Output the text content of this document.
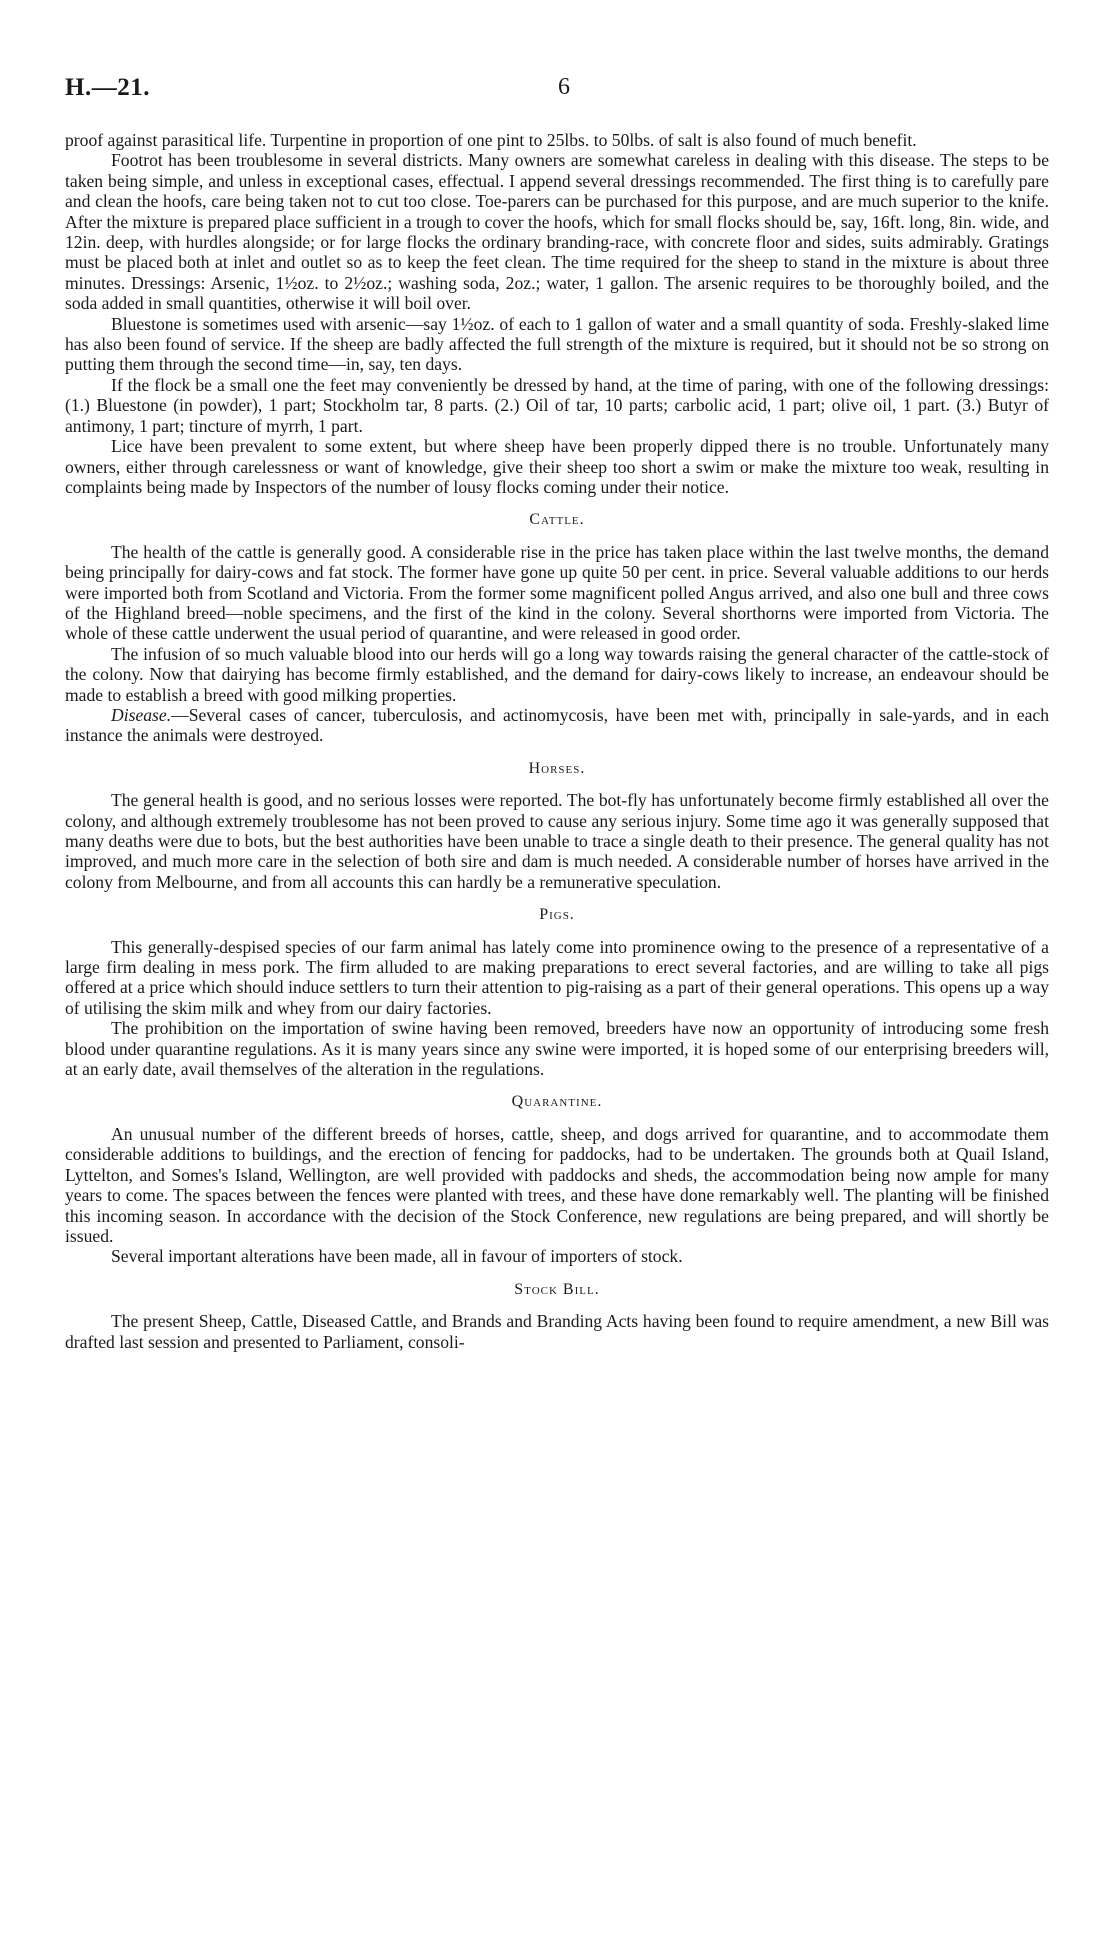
H.—21.	6

proof against parasitical life. Turpentine in proportion of one pint to 25lbs. to 50lbs. of salt is also found of much benefit.

Footrot has been troublesome in several districts. Many owners are somewhat careless in dealing with this disease. The steps to be taken being simple, and unless in exceptional cases, effectual. I append several dressings recommended. The first thing is to carefully pare and clean the hoofs, care being taken not to cut too close. Toe-parers can be purchased for this purpose, and are much superior to the knife. After the mixture is prepared place sufficient in a trough to cover the hoofs, which for small flocks should be, say, 16ft. long, 8in. wide, and 12in. deep, with hurdles alongside; or for large flocks the ordinary branding-race, with concrete floor and sides, suits admirably. Gratings must be placed both at inlet and outlet so as to keep the feet clean. The time required for the sheep to stand in the mixture is about three minutes. Dressings: Arsenic, 1½oz. to 2½oz.; washing soda, 2oz.; water, 1 gallon. The arsenic requires to be thoroughly boiled, and the soda added in small quantities, otherwise it will boil over.

Bluestone is sometimes used with arsenic—say 1½oz. of each to 1 gallon of water and a small quantity of soda. Freshly-slaked lime has also been found of service. If the sheep are badly affected the full strength of the mixture is required, but it should not be so strong on putting them through the second time—in, say, ten days.

If the flock be a small one the feet may conveniently be dressed by hand, at the time of paring, with one of the following dressings: (1.) Bluestone (in powder), 1 part; Stockholm tar, 8 parts. (2.) Oil of tar, 10 parts; carbolic acid, 1 part; olive oil, 1 part. (3.) Butyr of antimony, 1 part; tincture of myrrh, 1 part.

Lice have been prevalent to some extent, but where sheep have been properly dipped there is no trouble. Unfortunately many owners, either through carelessness or want of knowledge, give their sheep too short a swim or make the mixture too weak, resulting in complaints being made by Inspectors of the number of lousy flocks coming under their notice.

Cattle.

The health of the cattle is generally good. A considerable rise in the price has taken place within the last twelve months, the demand being principally for dairy-cows and fat stock. The former have gone up quite 50 per cent. in price. Several valuable additions to our herds were imported both from Scotland and Victoria. From the former some magnificent polled Angus arrived, and also one bull and three cows of the Highland breed—noble specimens, and the first of the kind in the colony. Several shorthorns were imported from Victoria. The whole of these cattle underwent the usual period of quarantine, and were released in good order.

The infusion of so much valuable blood into our herds will go a long way towards raising the general character of the cattle-stock of the colony. Now that dairying has become firmly established, and the demand for dairy-cows likely to increase, an endeavour should be made to establish a breed with good milking properties.

Disease.—Several cases of cancer, tuberculosis, and actinomycosis, have been met with, principally in sale-yards, and in each instance the animals were destroyed.

Horses.

The general health is good, and no serious losses were reported. The bot-fly has unfortunately become firmly established all over the colony, and although extremely troublesome has not been proved to cause any serious injury. Some time ago it was generally supposed that many deaths were due to bots, but the best authorities have been unable to trace a single death to their presence. The general quality has not improved, and much more care in the selection of both sire and dam is much needed. A considerable number of horses have arrived in the colony from Melbourne, and from all accounts this can hardly be a remunerative speculation.

Pigs.

This generally-despised species of our farm animal has lately come into prominence owing to the presence of a representative of a large firm dealing in mess pork. The firm alluded to are making preparations to erect several factories, and are willing to take all pigs offered at a price which should induce settlers to turn their attention to pig-raising as a part of their general operations. This opens up a way of utilising the skim milk and whey from our dairy factories.

The prohibition on the importation of swine having been removed, breeders have now an opportunity of introducing some fresh blood under quarantine regulations. As it is many years since any swine were imported, it is hoped some of our enterprising breeders will, at an early date, avail themselves of the alteration in the regulations.

Quarantine.

An unusual number of the different breeds of horses, cattle, sheep, and dogs arrived for quarantine, and to accommodate them considerable additions to buildings, and the erection of fencing for paddocks, had to be undertaken. The grounds both at Quail Island, Lyttelton, and Somes's Island, Wellington, are well provided with paddocks and sheds, the accommodation being now ample for many years to come. The spaces between the fences were planted with trees, and these have done remarkably well. The planting will be finished this incoming season. In accordance with the decision of the Stock Conference, new regulations are being prepared, and will shortly be issued.

Several important alterations have been made, all in favour of importers of stock.

Stock Bill.

The present Sheep, Cattle, Diseased Cattle, and Brands and Branding Acts having been found to require amendment, a new Bill was drafted last session and presented to Parliament, consoli-
